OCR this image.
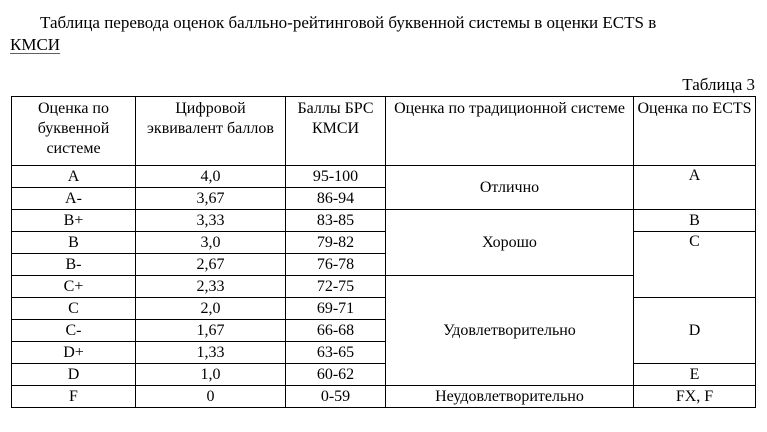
Таблица перевода оценок балльно-рейтинговой буквенной системы в оценки ECTS в
КМСИ

Таблица 3
Оценка по буквенной системе	Цифровой эквивалент баллов	Баллы БРС КМСИ	Оценка по традиционной системе	Оценка по ECTS
A	4,0	95-100	Отлично	A
A-	3,67	86-94		
B+	3,33	83-85	Хорошо	B
B	3,0	79-82		C
B-	2,67	76-78		
C+	2,33	72-75	Удовлетворительно	
C	2,0	69-71		D
C-	1,67	66-68		
D+	1,33	63-65		
D	1,0	60-62		E
F	0	0-59	Неудовлетворительно	FX, F
